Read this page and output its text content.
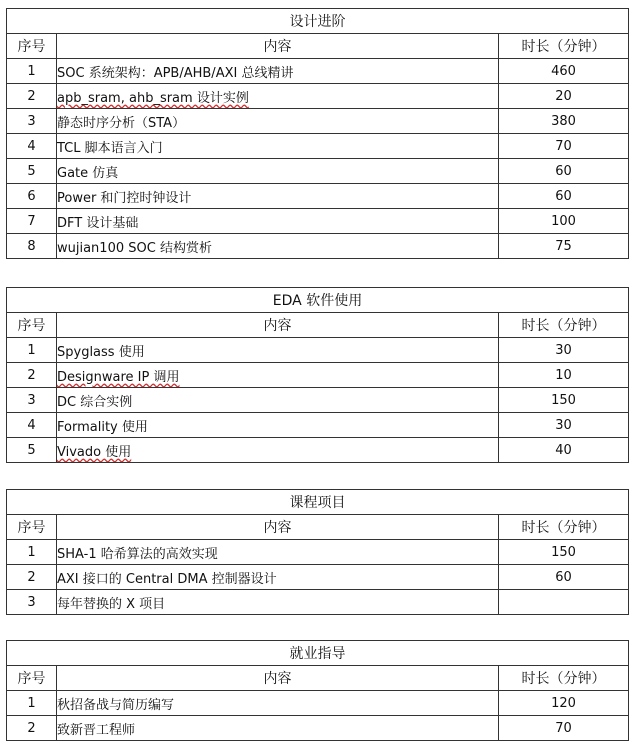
设计进阶		
序号	内容	时长（分钟）
1	SOC 系统架构：APB/AHB/AXI 总线精讲	460
2	apb_sram, ahb_sram 设计实例	20
3	静态时序分析（STA）	380
4	TCL 脚本语言入门	70
5	Gate 仿真	60
6	Power 和门控时钟设计	60
7	DFT 设计基础	100
8	wujian100 SOC 结构赏析	75
EDA 软件使用		
序号	内容	时长（分钟）
1	Spyglass 使用	30
2	Designware IP 调用	10
3	DC 综合实例	150
4	Formality 使用	30
5	Vivado 使用	40
课程项目		
序号	内容	时长（分钟）
1	SHA-1 哈希算法的高效实现	150
2	AXI 接口的 Central DMA 控制器设计	60
3	每年替换的 X 项目	
就业指导		
序号	内容	时长（分钟）
1	秋招备战与简历编写	120
2	致新晋工程师	70
